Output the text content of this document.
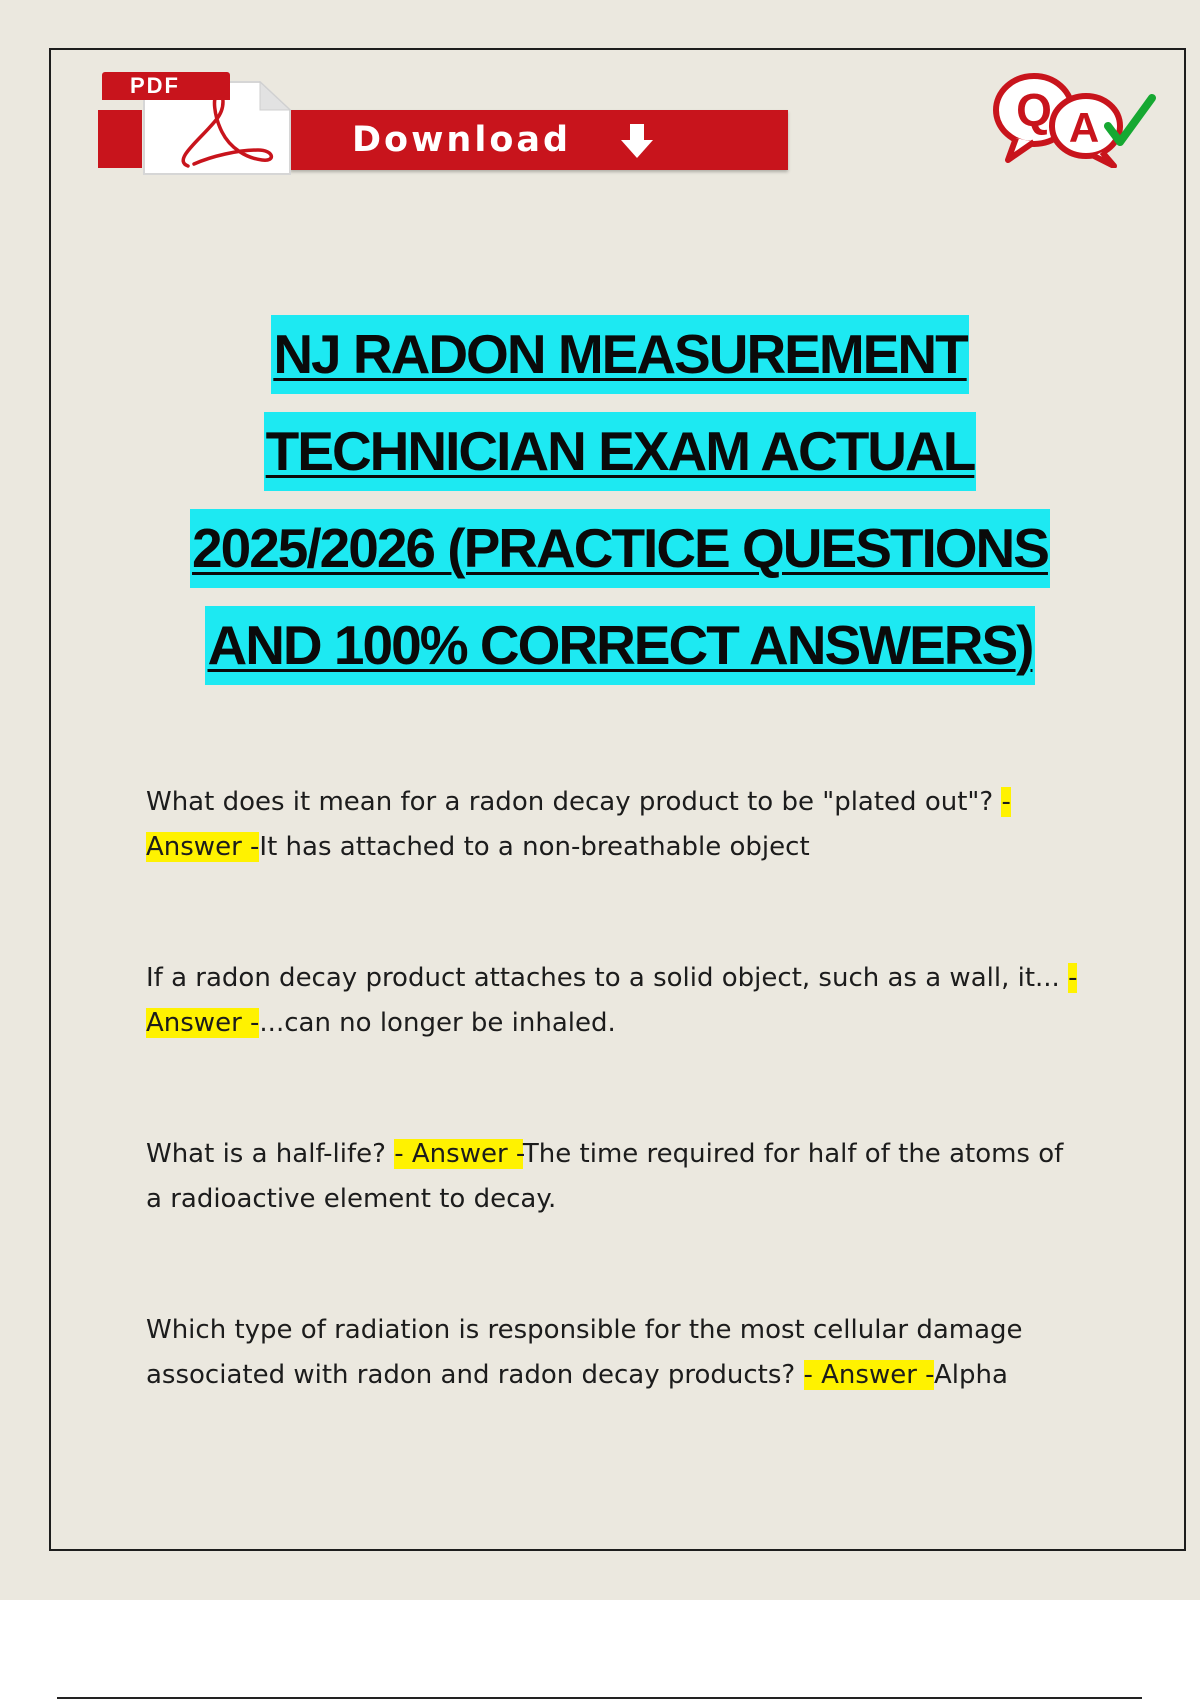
Download
PDF	Q A
NJ RADON MEASUREMENT
TECHNICIAN EXAM ACTUAL
2025/2026 (PRACTICE QUESTIONS
AND 100% CORRECT ANSWERS)
What does it mean for a radon decay product to be "plated out"? - Answer -It has attached to a non-breathable object
If a radon decay product attaches to a solid object, such as a wall, it... - Answer -...can no longer be inhaled.
What is a half-life? - Answer -The time required for half of the atoms of a radioactive element to decay.
Which type of radiation is responsible for the most cellular damage associated with radon and radon decay products? - Answer -Alpha
